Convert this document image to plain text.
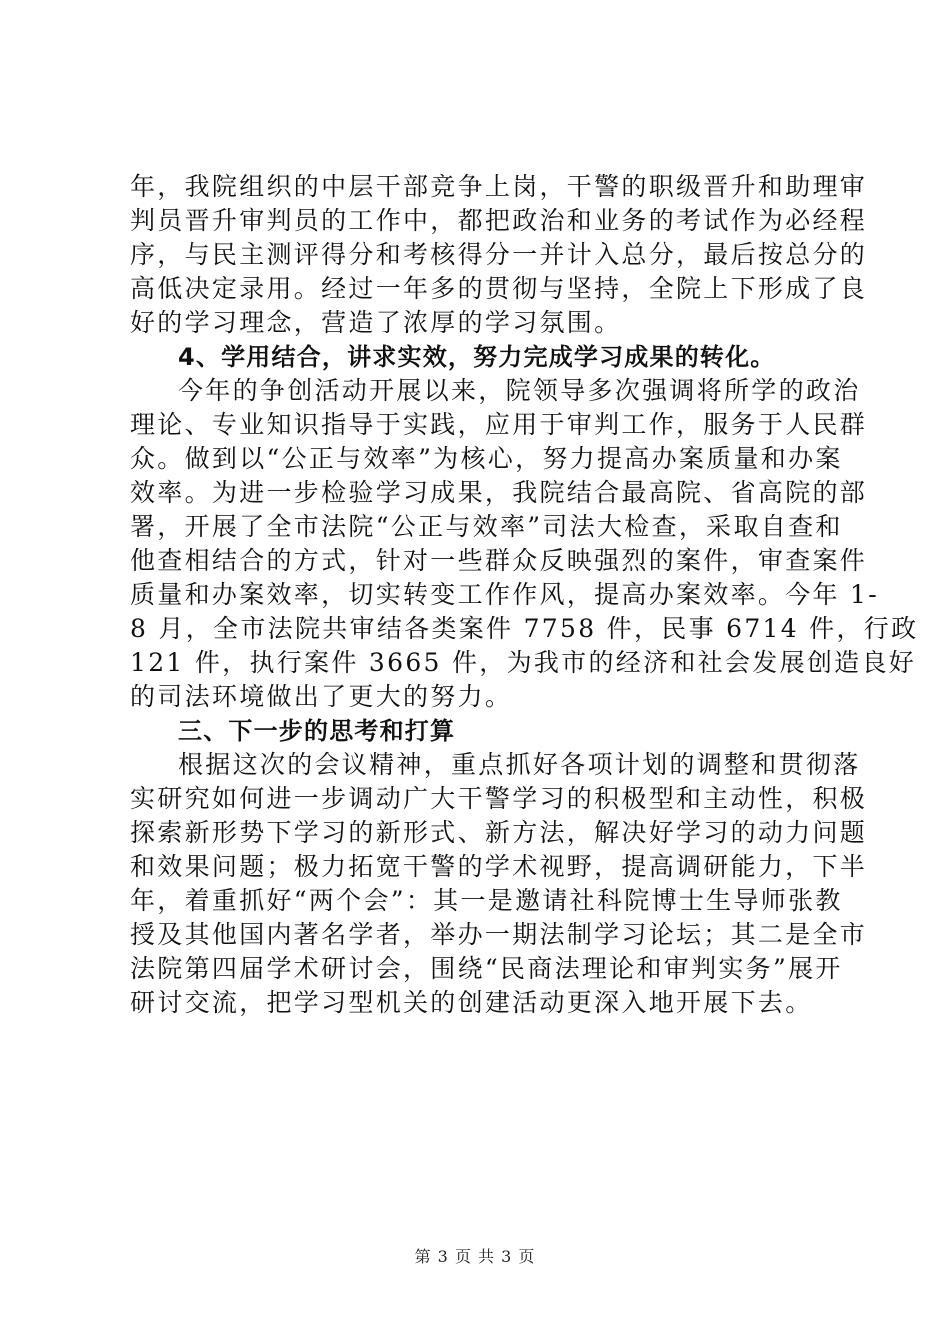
年，我院组织的中层干部竞争上岗，干警的职级晋升和助理审
判员晋升审判员的工作中，都把政治和业务的考试作为必经程
序，与民主测评得分和考核得分一并计入总分，最后按总分的
高低决定录用。经过一年多的贯彻与坚持，全院上下形成了良
好的学习理念，营造了浓厚的学习氛围。
4、学用结合，讲求实效，努力完成学习成果的转化。
今年的争创活动开展以来，院领导多次强调将所学的政治
理论、专业知识指导于实践，应用于审判工作，服务于人民群
众。做到以“公正与效率”为核心，努力提高办案质量和办案
效率。为进一步检验学习成果，我院结合最高院、省高院的部
署，开展了全市法院“公正与效率”司法大检查，采取自查和
他查相结合的方式，针对一些群众反映强烈的案件，审查案件
质量和办案效率，切实转变工作作风，提高办案效率。今年 1-
8 月，全市法院共审结各类案件 7758 件，民事 6714 件，行政
121 件，执行案件 3665 件，为我市的经济和社会发展创造良好
的司法环境做出了更大的努力。
三、下一步的思考和打算
根据这次的会议精神，重点抓好各项计划的调整和贯彻落
实研究如何进一步调动广大干警学习的积极型和主动性，积极
探索新形势下学习的新形式、新方法，解决好学习的动力问题
和效果问题；极力拓宽干警的学术视野，提高调研能力，下半
年，着重抓好“两个会”：其一是邀请社科院博士生导师张教
授及其他国内著名学者，举办一期法制学习论坛；其二是全市
法院第四届学术研讨会，围绕“民商法理论和审判实务”展开
研讨交流，把学习型机关的创建活动更深入地开展下去。
第 3 页 共 3 页
